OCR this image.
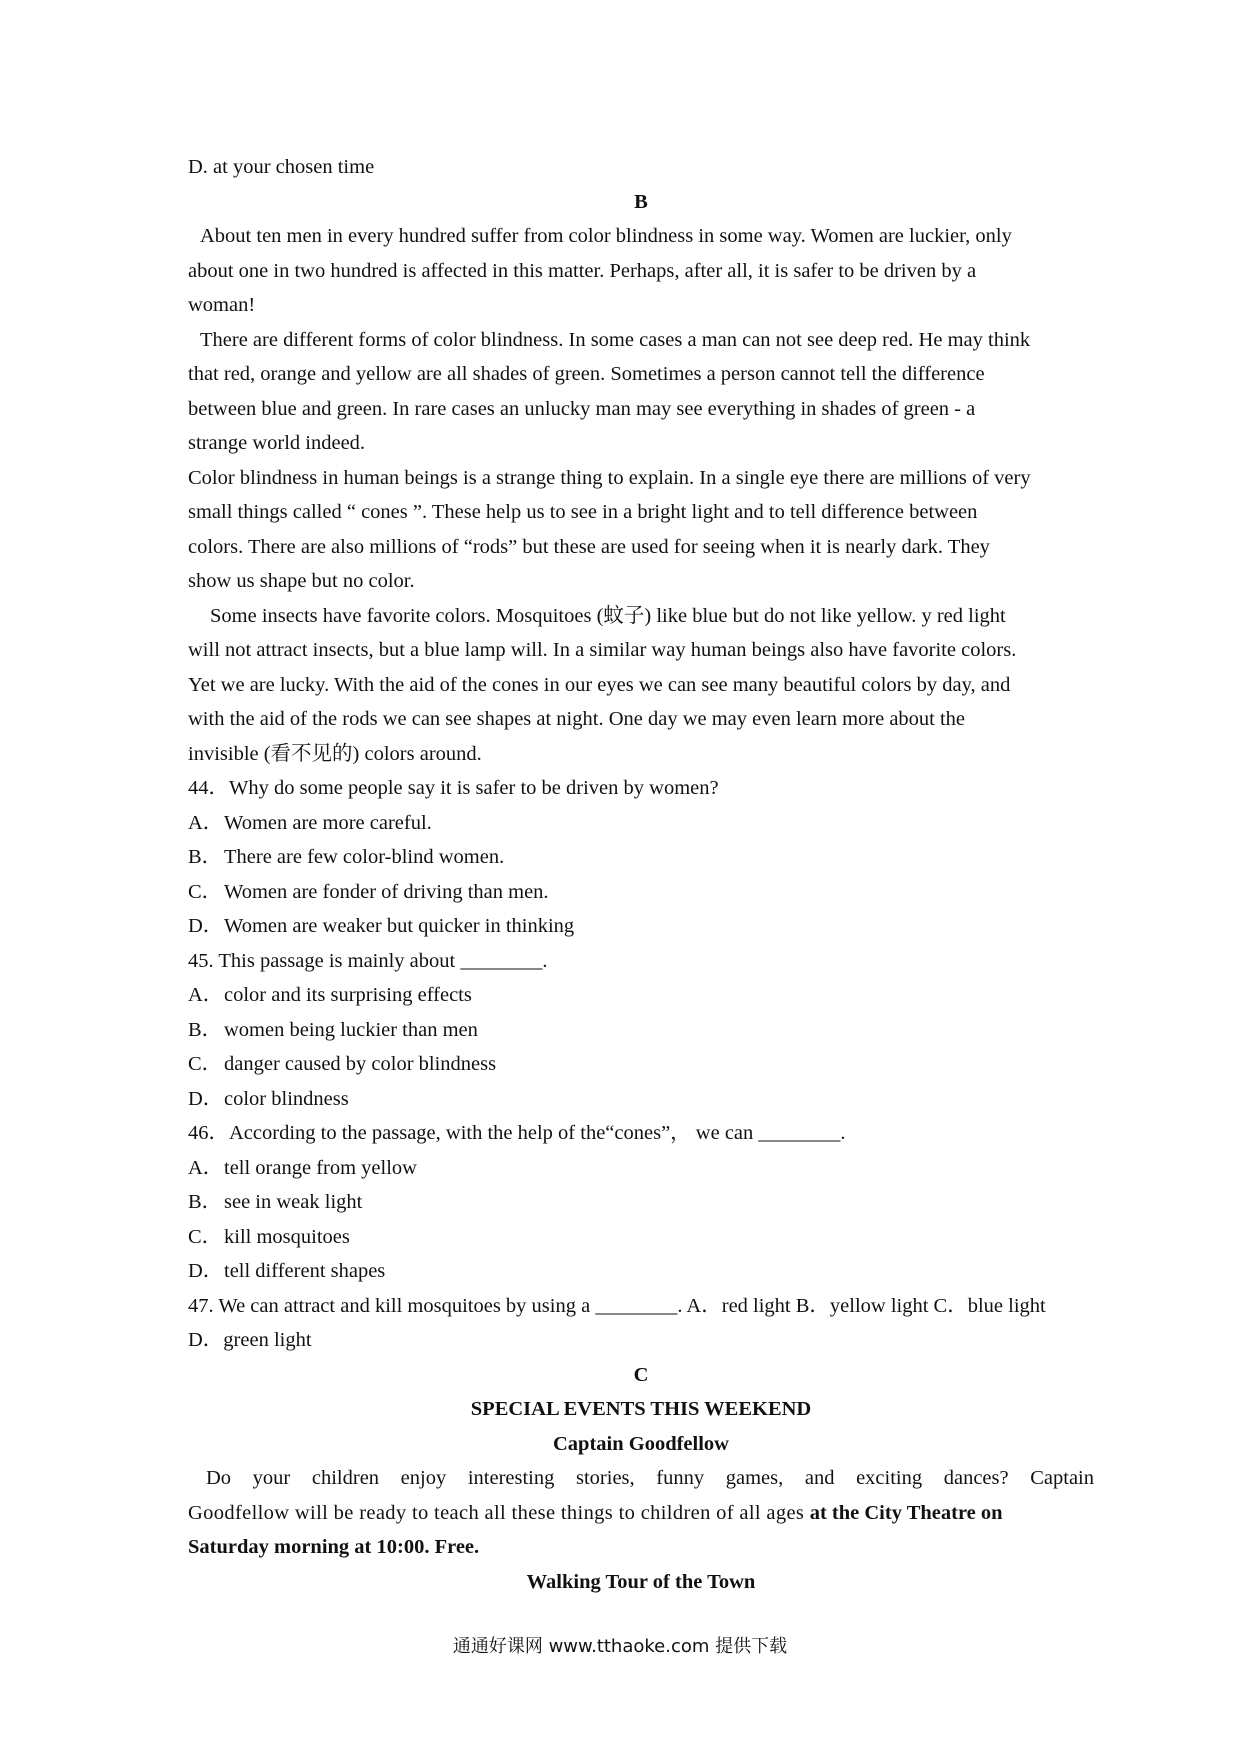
D. at your chosen time
B
About ten men in every hundred suffer from color blindness in some way. Women are luckier, only
about one in two hundred is affected in this matter. Perhaps, after all, it is safer to be driven by a
woman!
There are different forms of color blindness. In some cases a man can not see deep red. He may think
that red, orange and yellow are all shades of green. Sometimes a person cannot tell the difference
between blue and green. In rare cases an unlucky man may see everything in shades of green - a
strange world indeed.
Color blindness in human beings is a strange thing to explain. In a single eye there are millions of very
small things called “ cones ”. These help us to see in a bright light and to tell difference between
colors. There are also millions of “rods” but these are used for seeing when it is nearly dark. They
show us shape but no color.
Some insects have favorite colors. Mosquitoes (蚊子) like blue but do not like yellow. y red light
will not attract insects, but a blue lamp will. In a similar way human beings also have favorite colors.
Yet we are lucky. With the aid of the cones in our eyes we can see many beautiful colors by day, and
with the aid of the rods we can see shapes at night. One day we may even learn more about the
invisible (看不见的) colors around.
44．Why do some people say it is safer to be driven by women?
A．Women are more careful.
B．There are few color-blind women.
C．Women are fonder of driving than men.
D．Women are weaker but quicker in thinking
45. This passage is mainly about ________.
A．color and its surprising effects
B．women being luckier than men
C．danger caused by color blindness
D．color blindness
46．According to the passage, with the help of the“cones”， we can ________.
A．tell orange from yellow
B．see in weak light
C．kill mosquitoes
D．tell different shapes
47. We can attract and kill mosquitoes by using a ________. A．red light B．yellow light C．blue light
D．green light
C
SPECIAL EVENTS THIS WEEKEND
Captain Goodfellow
Do your children enjoy interesting stories, funny games, and exciting dances? Captain
Goodfellow will be ready to teach all these things to children of all ages at the City Theatre on
Saturday morning at 10:00. Free.
Walking Tour of the Town
通通好课网 www.tthaoke.com 提供下载
